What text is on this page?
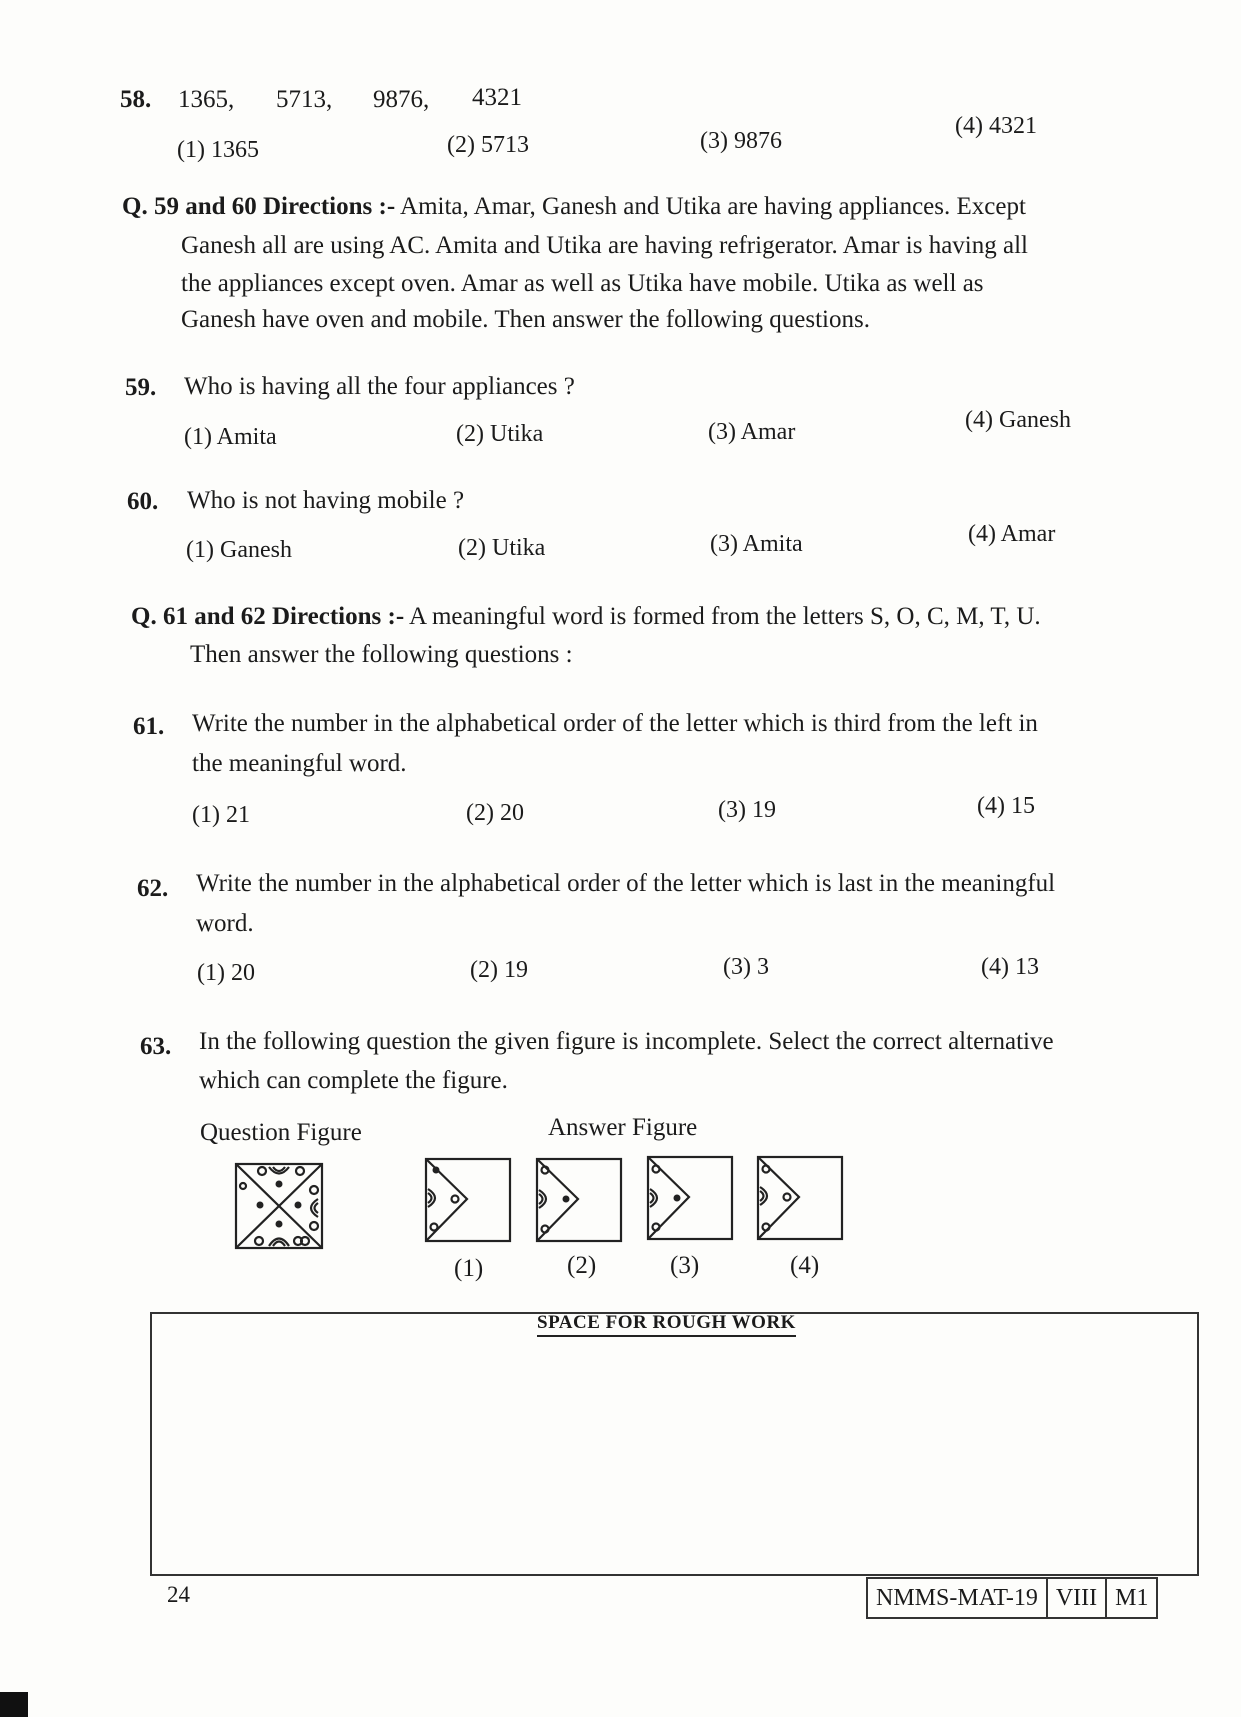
58. 1365, 5713, 9876, 4321
(1) 1365	(2) 5713	(3) 9876
(4) 4321
Q. 59 and 60 Directions :- Amita, Amar, Ganesh and Utika are having appliances. Except
Ganesh all are using AC. Amita and Utika are having refrigerator. Amar is having all
the appliances except oven. Amar as well as Utika have mobile. Utika as well as
Ganesh have oven and mobile. Then answer the following questions.
59. Who is having all the four appliances ?
(1) Amita	(2) Utika	(3) Amar	(4) Ganesh
60. Who is not having mobile ?
(1) Ganesh	(2) Utika	(3) Amita	(4) Amar
Q. 61 and 62 Directions :- A meaningful word is formed from the letters S, O, C, M, T, U.
Then answer the following questions :
61. Write the number in the alphabetical order of the letter which is third from the left in
the meaningful word.
(1) 21	(2) 20	(3) 19	(4) 15
62. Write the number in the alphabetical order of the letter which is last in the meaningful
word.
(1) 20	(2) 19	(3) 3	(4) 13
63. In the following question the given figure is incomplete. Select the correct alternative
which can complete the figure.
Question Figure	Answer Figure
(1)	(2)	(3)	(4)
SPACE FOR ROUGH WORK
24	NMMS-MAT-19 VIII M1
